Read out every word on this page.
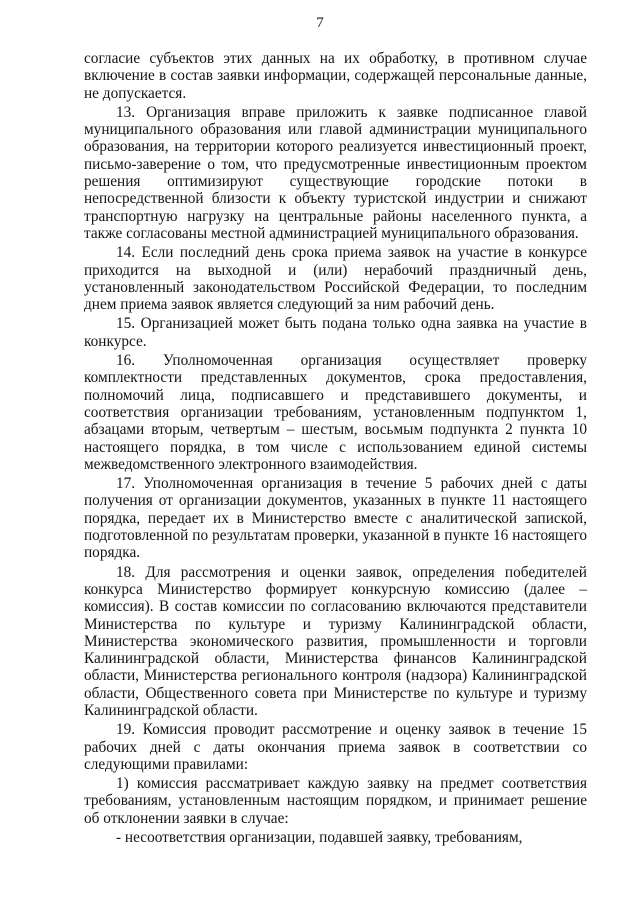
7

согласие субъектов этих данных на их обработку, в противном случае включение в состав заявки информации, содержащей персональные данные, не допускается.

13. Организация вправе приложить к заявке подписанное главой муниципального образования или главой администрации муниципального образования, на территории которого реализуется инвестиционный проект, письмо-заверение о том, что предусмотренные инвестиционным проектом решения оптимизируют существующие городские потоки в непосредственной близости к объекту туристской индустрии и снижают транспортную нагрузку на центральные районы населенного пункта, а также согласованы местной администрацией муниципального образования.

14. Если последний день срока приема заявок на участие в конкурсе приходится на выходной и (или) нерабочий праздничный день, установленный законодательством Российской Федерации, то последним днем приема заявок является следующий за ним рабочий день.

15. Организацией может быть подана только одна заявка на участие в конкурсе.

16. Уполномоченная организация осуществляет проверку комплектности представленных документов, срока предоставления, полномочий лица, подписавшего и представившего документы, и соответствия организации требованиям, установленным подпунктом 1, абзацами вторым, четвертым – шестым, восьмым подпункта 2 пункта 10 настоящего порядка, в том числе с использованием единой системы межведомственного электронного взаимодействия.

17. Уполномоченная организация в течение 5 рабочих дней с даты получения от организации документов, указанных в пункте 11 настоящего порядка, передает их в Министерство вместе с аналитической запиской, подготовленной по результатам проверки, указанной в пункте 16 настоящего порядка.

18. Для рассмотрения и оценки заявок, определения победителей конкурса Министерство формирует конкурсную комиссию (далее – комиссия). В состав комиссии по согласованию включаются представители Министерства по культуре и туризму Калининградской области, Министерства экономического развития, промышленности и торговли Калининградской области, Министерства финансов Калининградской области, Министерства регионального контроля (надзора) Калининградской области, Общественного совета при Министерстве по культуре и туризму Калининградской области.

19. Комиссия проводит рассмотрение и оценку заявок в течение 15 рабочих дней с даты окончания приема заявок в соответствии со следующими правилами:

1) комиссия рассматривает каждую заявку на предмет соответствия требованиям, установленным настоящим порядком, и принимает решение об отклонении заявки в случае:

- несоответствия организации, подавшей заявку, требованиям,
